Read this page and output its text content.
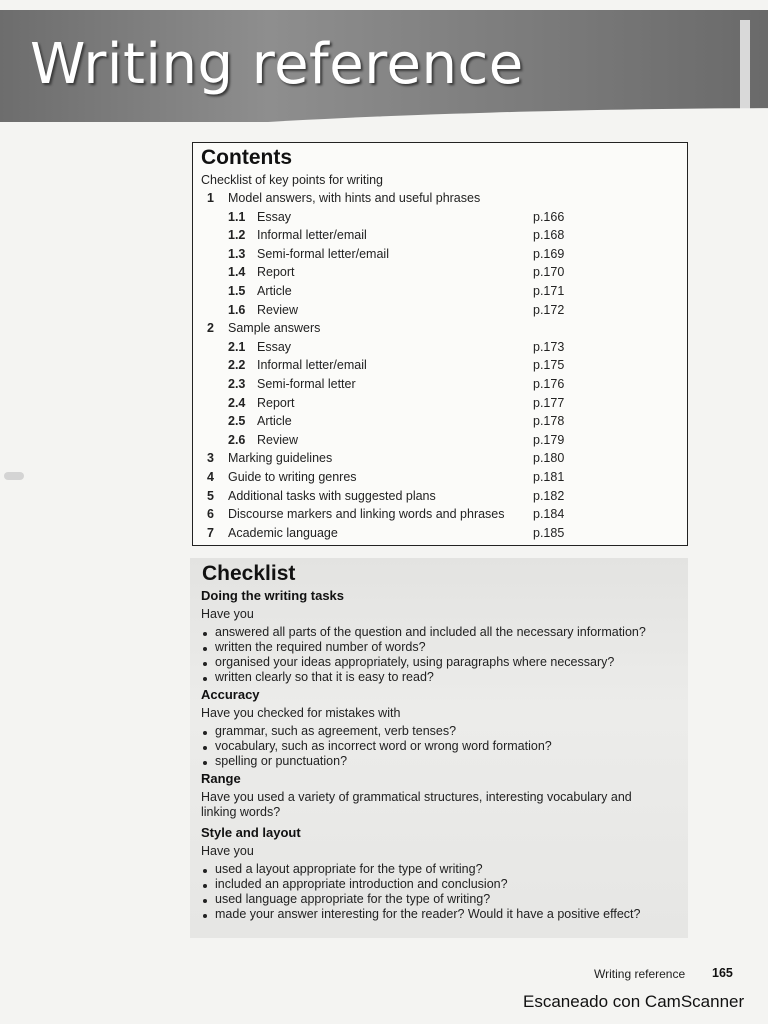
Writing reference
Contents
Checklist of key points for writing
1 Model answers, with hints and useful phrases
1.1 Essay	p.166
1.2 Informal letter/email	p.168
1.3 Semi-formal letter/email	p.169
1.4 Report	p.170
1.5 Article	p.171
1.6 Review	p.172
2 Sample answers
2.1 Essay	p.173
2.2 Informal letter/email	p.175
2.3 Semi-formal letter	p.176
2.4 Report	p.177
2.5 Article	p.178
2.6 Review	p.179
3 Marking guidelines	p.180
4 Guide to writing genres	p.181
5 Additional tasks with suggested plans	p.182
6 Discourse markers and linking words and phrases p.184
7 Academic language	p.185
Checklist
Doing the writing tasks
Have you
answered all parts of the question and included all the necessary information?
written the required number of words?
organised your ideas appropriately, using paragraphs where necessary?
written clearly so that it is easy to read?
Accuracy
Have you checked for mistakes with
grammar, such as agreement, verb tenses?
vocabulary, such as incorrect word or wrong word formation?
spelling or punctuation?
Range
Have you used a variety of grammatical structures, interesting vocabulary and
linking words?
Style and layout
Have you
used a layout appropriate for the type of writing?
included an appropriate introduction and conclusion?
used language appropriate for the type of writing?
made your answer interesting for the reader? Would it have a positive effect?
Writing reference 165
Escaneado con CamScanner
